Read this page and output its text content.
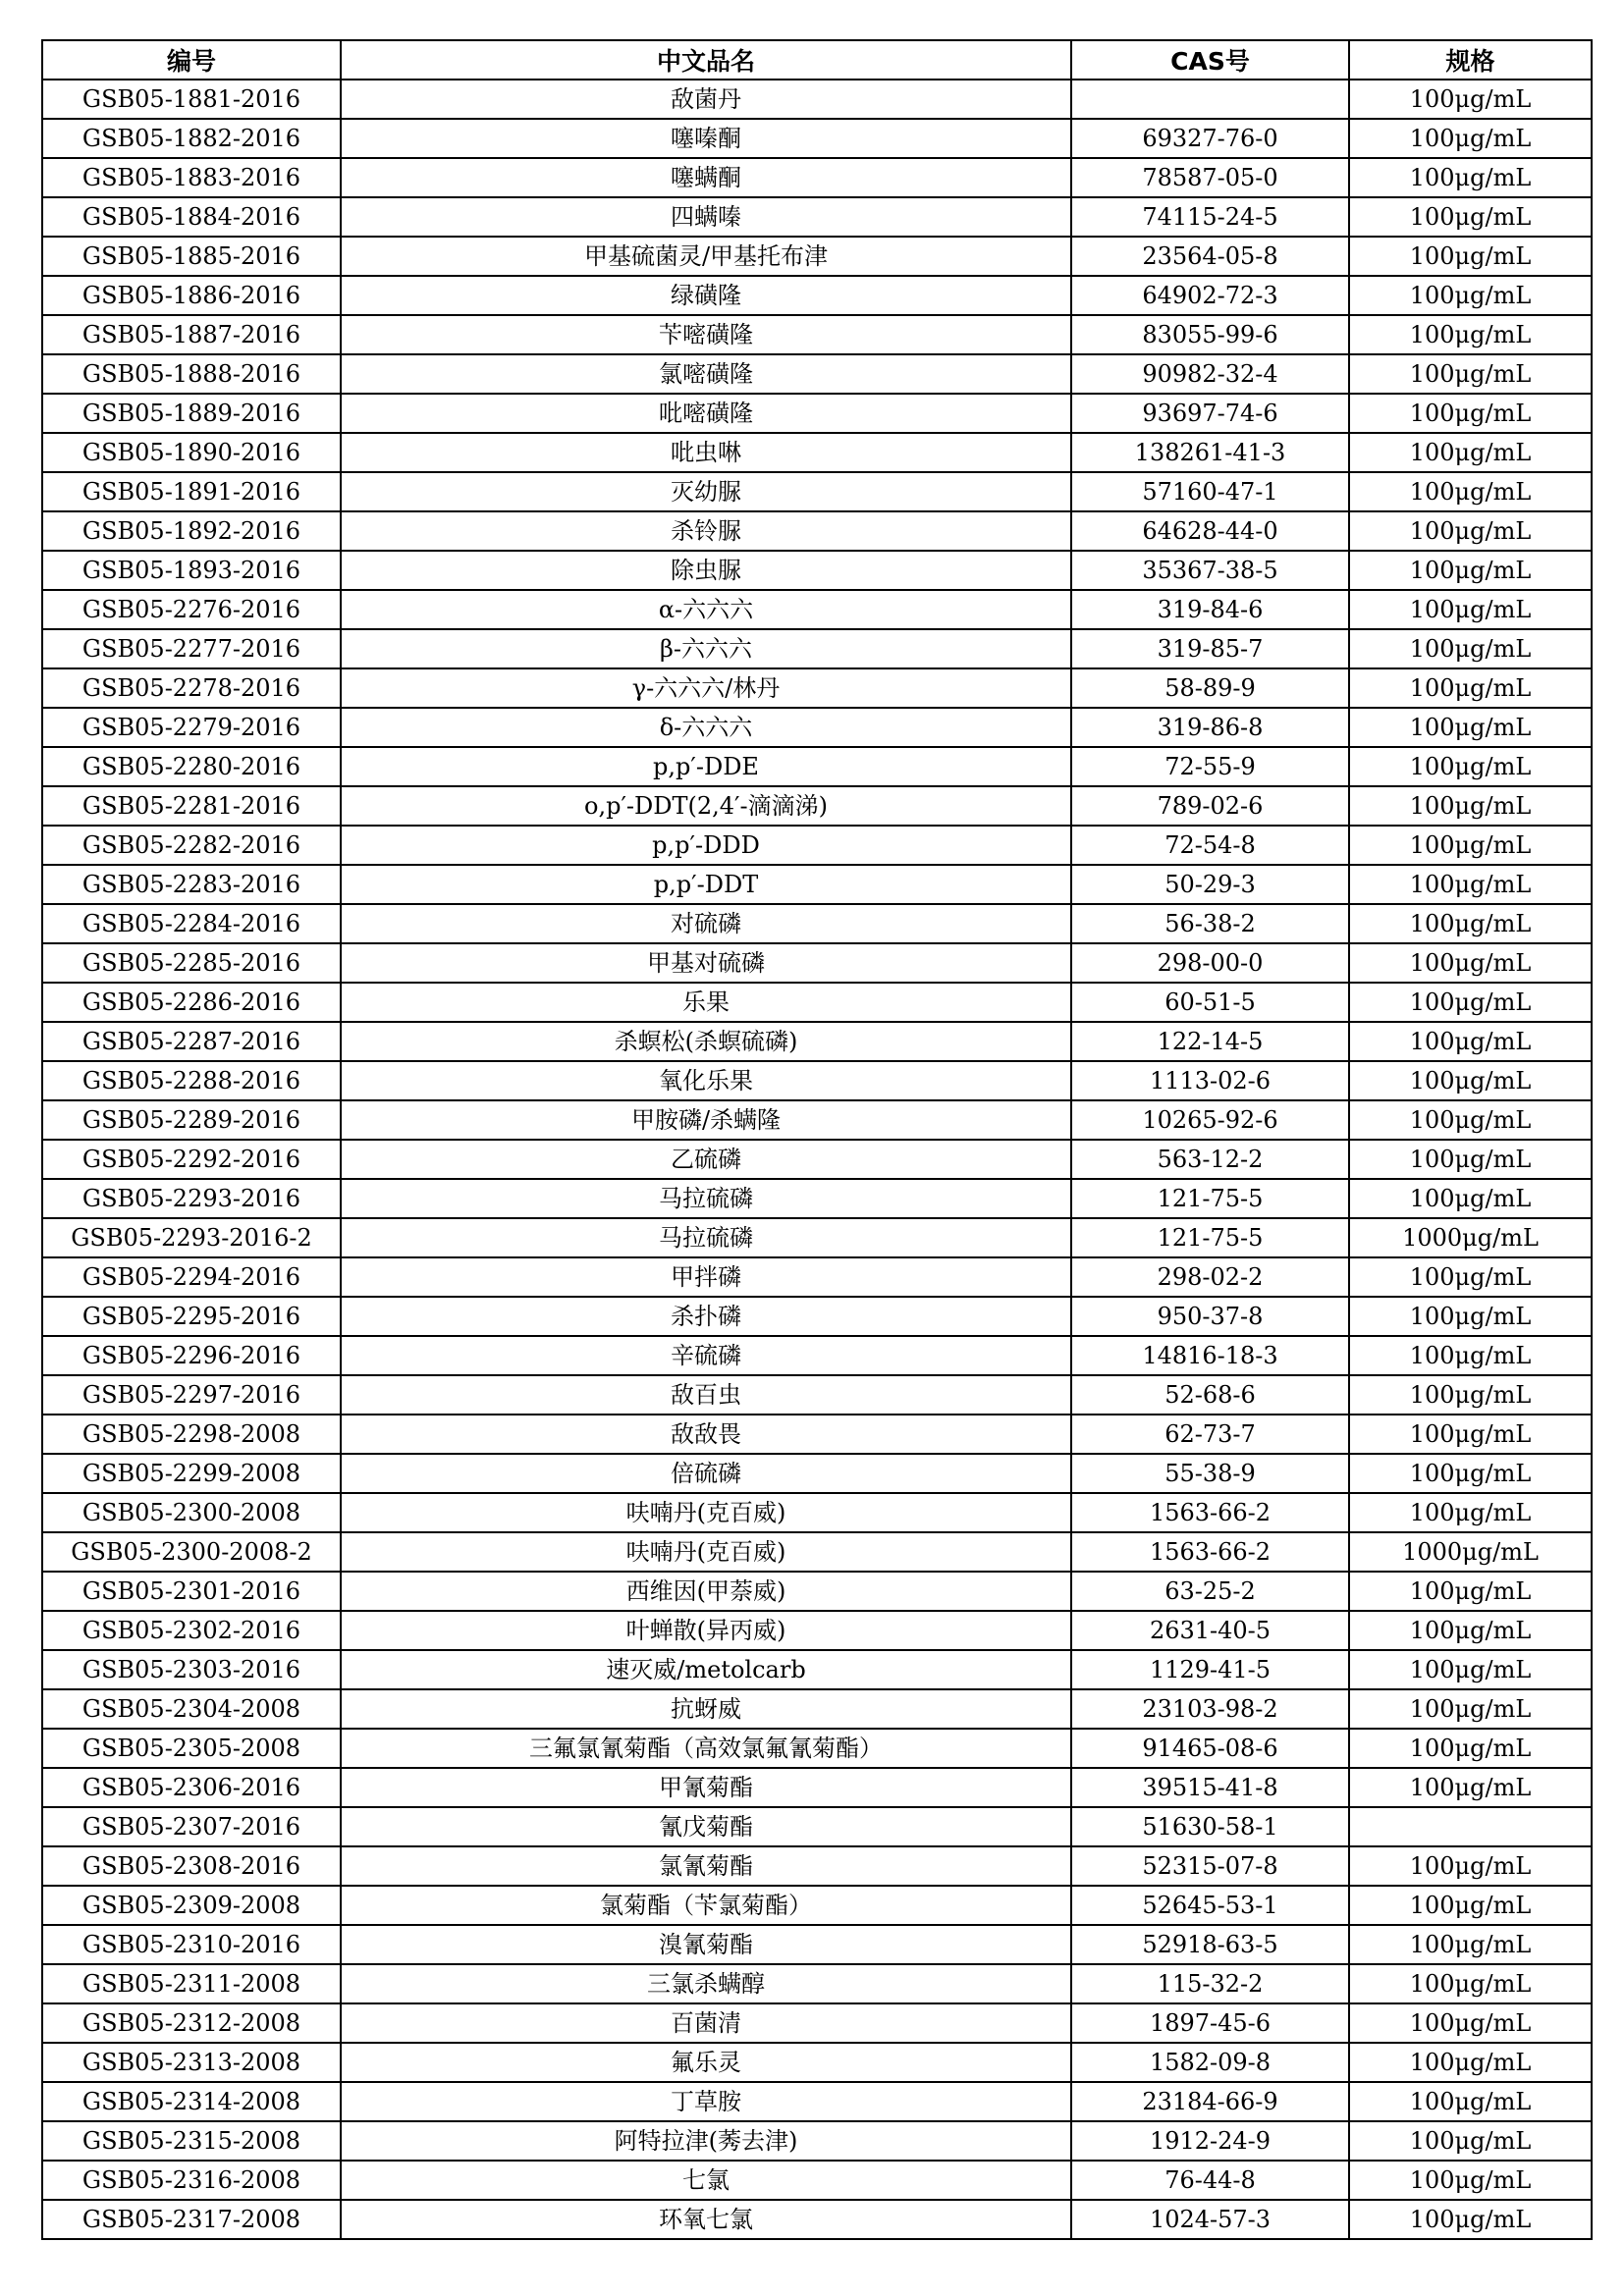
编号	中文品名	CAS号	规格
GSB05-1881-2016	敌菌丹		100μg/mL
GSB05-1882-2016	噻嗪酮	69327-76-0	100μg/mL
GSB05-1883-2016	噻螨酮	78587-05-0	100μg/mL
GSB05-1884-2016	四螨嗪	74115-24-5	100μg/mL
GSB05-1885-2016	甲基硫菌灵/甲基托布津	23564-05-8	100μg/mL
GSB05-1886-2016	绿磺隆	64902-72-3	100μg/mL
GSB05-1887-2016	苄嘧磺隆	83055-99-6	100μg/mL
GSB05-1888-2016	氯嘧磺隆	90982-32-4	100μg/mL
GSB05-1889-2016	吡嘧磺隆	93697-74-6	100μg/mL
GSB05-1890-2016	吡虫啉	138261-41-3	100μg/mL
GSB05-1891-2016	灭幼脲	57160-47-1	100μg/mL
GSB05-1892-2016	杀铃脲	64628-44-0	100μg/mL
GSB05-1893-2016	除虫脲	35367-38-5	100μg/mL
GSB05-2276-2016	α-六六六	319-84-6	100μg/mL
GSB05-2277-2016	β-六六六	319-85-7	100μg/mL
GSB05-2278-2016	γ-六六六/林丹	58-89-9	100μg/mL
GSB05-2279-2016	δ-六六六	319-86-8	100μg/mL
GSB05-2280-2016	p,p′-DDE	72-55-9	100μg/mL
GSB05-2281-2016	o,p′-DDT(2,4′-滴滴涕)	789-02-6	100μg/mL
GSB05-2282-2016	p,p′-DDD	72-54-8	100μg/mL
GSB05-2283-2016	p,p′-DDT	50-29-3	100μg/mL
GSB05-2284-2016	对硫磷	56-38-2	100μg/mL
GSB05-2285-2016	甲基对硫磷	298-00-0	100μg/mL
GSB05-2286-2016	乐果	60-51-5	100μg/mL
GSB05-2287-2016	杀螟松(杀螟硫磷)	122-14-5	100μg/mL
GSB05-2288-2016	氧化乐果	1113-02-6	100μg/mL
GSB05-2289-2016	甲胺磷/杀螨隆	10265-92-6	100μg/mL
GSB05-2292-2016	乙硫磷	563-12-2	100μg/mL
GSB05-2293-2016	马拉硫磷	121-75-5	100μg/mL
GSB05-2293-2016-2	马拉硫磷	121-75-5	1000μg/mL
GSB05-2294-2016	甲拌磷	298-02-2	100μg/mL
GSB05-2295-2016	杀扑磷	950-37-8	100μg/mL
GSB05-2296-2016	辛硫磷	14816-18-3	100μg/mL
GSB05-2297-2016	敌百虫	52-68-6	100μg/mL
GSB05-2298-2008	敌敌畏	62-73-7	100μg/mL
GSB05-2299-2008	倍硫磷	55-38-9	100μg/mL
GSB05-2300-2008	呋喃丹(克百威)	1563-66-2	100μg/mL
GSB05-2300-2008-2	呋喃丹(克百威)	1563-66-2	1000μg/mL
GSB05-2301-2016	西维因(甲萘威)	63-25-2	100μg/mL
GSB05-2302-2016	叶蝉散(异丙威)	2631-40-5	100μg/mL
GSB05-2303-2016	速灭威/metolcarb	1129-41-5	100μg/mL
GSB05-2304-2008	抗蚜威	23103-98-2	100μg/mL
GSB05-2305-2008	三氟氯氰菊酯（高效氯氟氰菊酯）	91465-08-6	100μg/mL
GSB05-2306-2016	甲氰菊酯	39515-41-8	100μg/mL
GSB05-2307-2016	氰戊菊酯	51630-58-1	
GSB05-2308-2016	氯氰菊酯	52315-07-8	100μg/mL
GSB05-2309-2008	氯菊酯（苄氯菊酯）	52645-53-1	100μg/mL
GSB05-2310-2016	溴氰菊酯	52918-63-5	100μg/mL
GSB05-2311-2008	三氯杀螨醇	115-32-2	100μg/mL
GSB05-2312-2008	百菌清	1897-45-6	100μg/mL
GSB05-2313-2008	氟乐灵	1582-09-8	100μg/mL
GSB05-2314-2008	丁草胺	23184-66-9	100μg/mL
GSB05-2315-2008	阿特拉津(莠去津)	1912-24-9	100μg/mL
GSB05-2316-2008	七氯	76-44-8	100μg/mL
GSB05-2317-2008	环氧七氯	1024-57-3	100μg/mL
